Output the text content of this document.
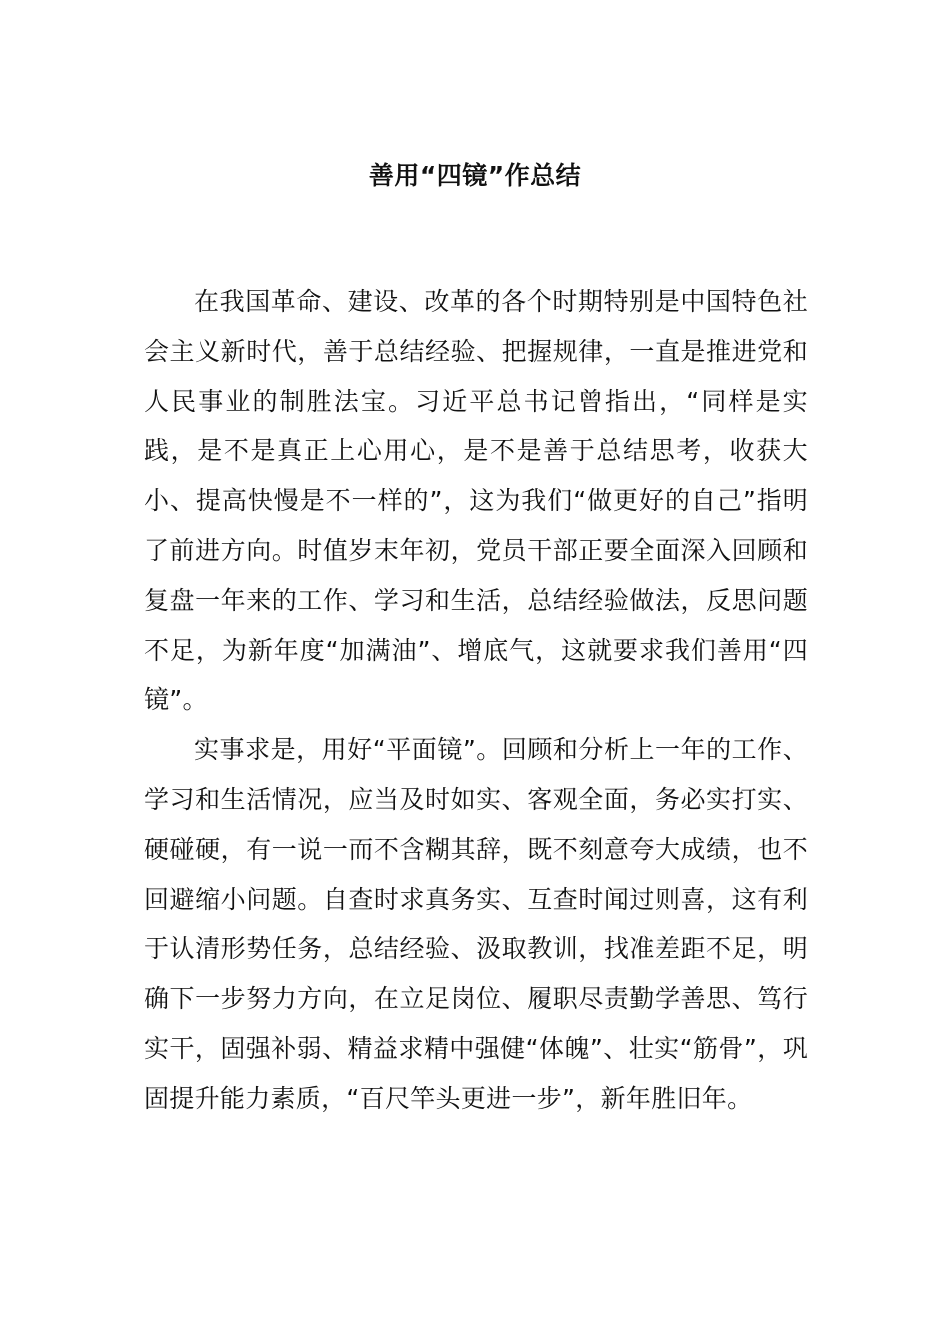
善用“四镜”作总结

在我国革命、建设、改革的各个时期特别是中国特色社会主义新时代，善于总结经验、把握规律，一直是推进党和人民事业的制胜法宝。习近平总书记曾指出，“同样是实践，是不是真正上心用心，是不是善于总结思考，收获大小、提高快慢是不一样的”，这为我们“做更好的自己”指明了前进方向。时值岁末年初，党员干部正要全面深入回顾和复盘一年来的工作、学习和生活，总结经验做法，反思问题不足，为新年度“加满油”、增底气，这就要求我们善用“四镜”。

实事求是，用好“平面镜”。回顾和分析上一年的工作、学习和生活情况，应当及时如实、客观全面，务必实打实、硬碰硬，有一说一而不含糊其辞，既不刻意夸大成绩，也不回避缩小问题。自查时求真务实、互查时闻过则喜，这有利于认清形势任务，总结经验、汲取教训，找准差距不足，明确下一步努力方向，在立足岗位、履职尽责勤学善思、笃行实干，固强补弱、精益求精中强健“体魄”、壮实“筋骨”，巩固提升能力素质，“百尺竿头更进一步”，新年胜旧年。
